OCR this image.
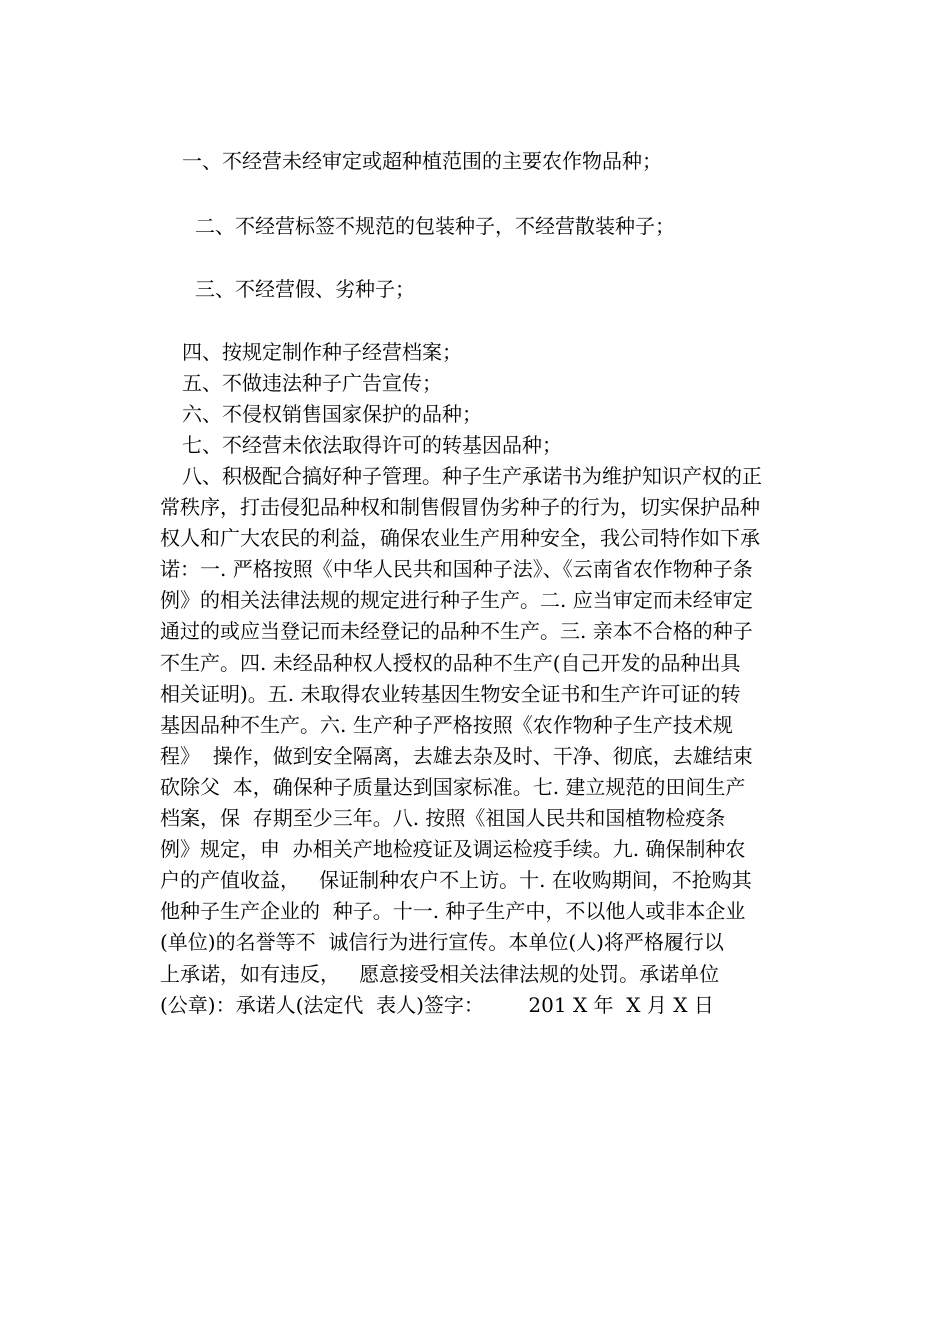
一、不经营未经审定或超种植范围的主要农作物品种；
二、不经营标签不规范的包装种子，不经营散装种子；
三、不经营假、劣种子；
四、按规定制作种子经营档案；
五、不做违法种子广告宣传；
六、不侵权销售国家保护的品种；
七、不经营未依法取得许可的转基因品种；
八、积极配合搞好种子管理。种子生产承诺书为维护知识产权的正
常秩序，打击侵犯品种权和制售假冒伪劣种子的行为，切实保护品种
权人和广大农民的利益，确保农业生产用种安全，我公司特作如下承
诺：一. 严格按照《中华人民共和国种子法》、《云南省农作物种子条
例》的相关法律法规的规定进行种子生产。二. 应当审定而未经审定
通过的或应当登记而未经登记的品种不生产。三. 亲本不合格的种子
不生产。四. 未经品种权人授权的品种不生产(自己开发的品种出具
相关证明)。五. 未取得农业转基因生物安全证书和生产许可证的转
基因品种不生产。六. 生产种子严格按照《农作物种子生产技术规
程》  操作，做到安全隔离，去雄去杂及时、干净、彻底，去雄结束
砍除父  本，确保种子质量达到国家标准。七. 建立规范的田间生产
档案，保  存期至少三年。八. 按照《祖国人民共和国植物检疫条
例》规定，申  办相关产地检疫证及调运检疫手续。九. 确保制种农
户的产值收益，   保证制种农户不上访。十. 在收购期间，不抢购其
他种子生产企业的  种子。十一. 种子生产中，不以他人或非本企业
(单位)的名誉等不  诚信行为进行宣传。本单位(人)将严格履行以
上承诺，如有违反，   愿意接受相关法律法规的处罚。承诺单位
(公章)：承诺人(法定代  表人)签字：       201 X 年  X 月 X 日
